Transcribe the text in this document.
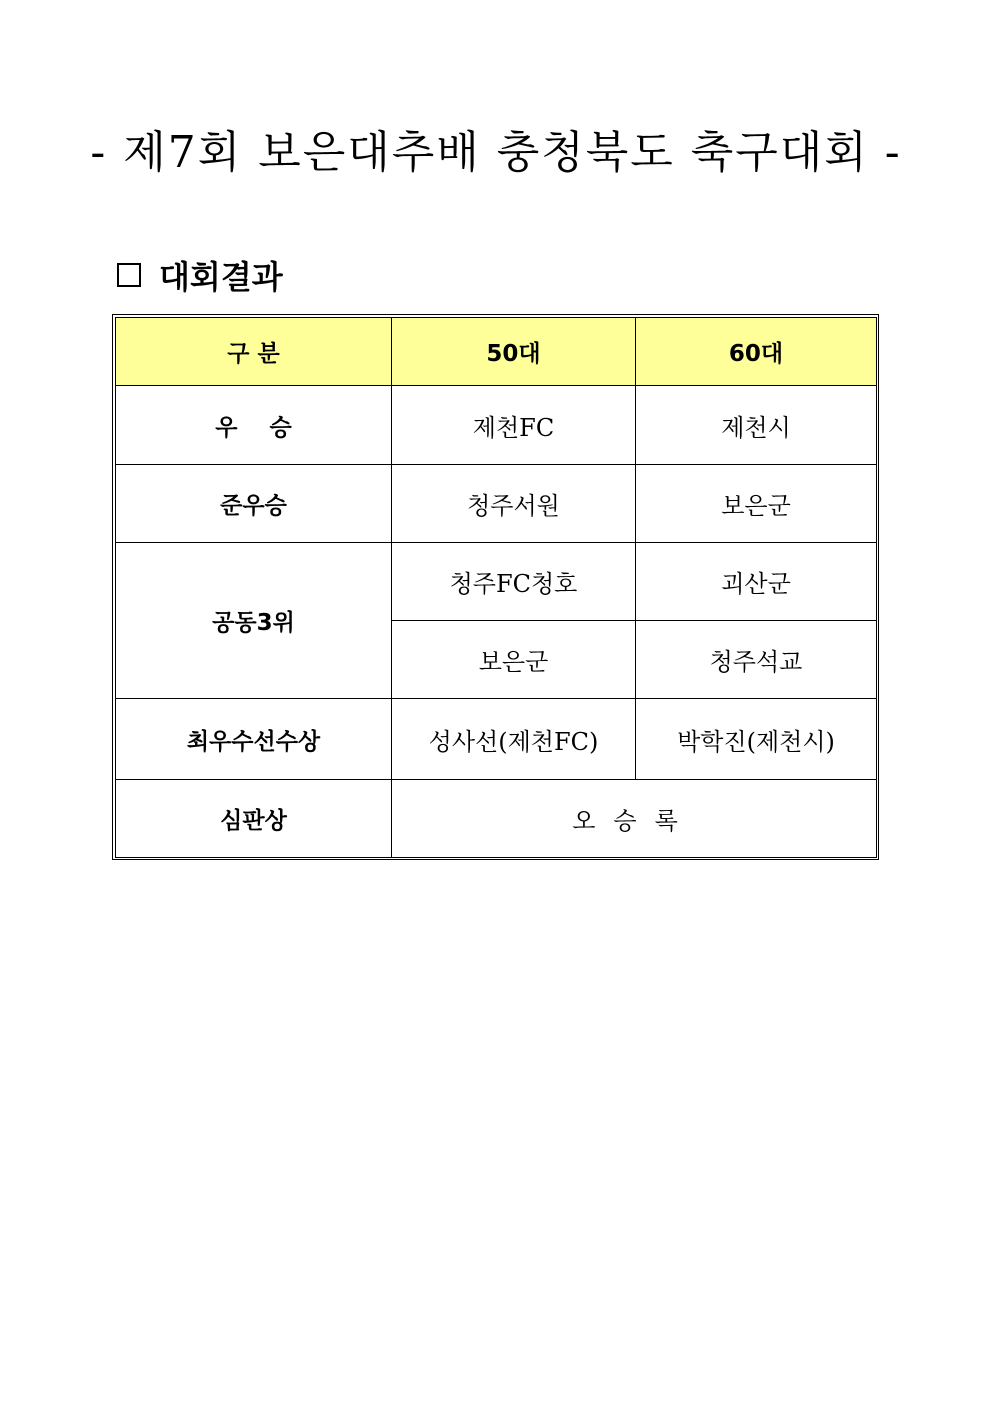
- 제7회 보은대추배 충청북도 축구대회 -
대회결과
구 분	50대	60대
우    승	제천FC	제천시
준우승	청주서원	보은군
공동3위	청주FC청호	괴산군
	보은군	청주석교
최우수선수상	성사선(제천FC)	박학진(제천시)
심판상	오승록	
